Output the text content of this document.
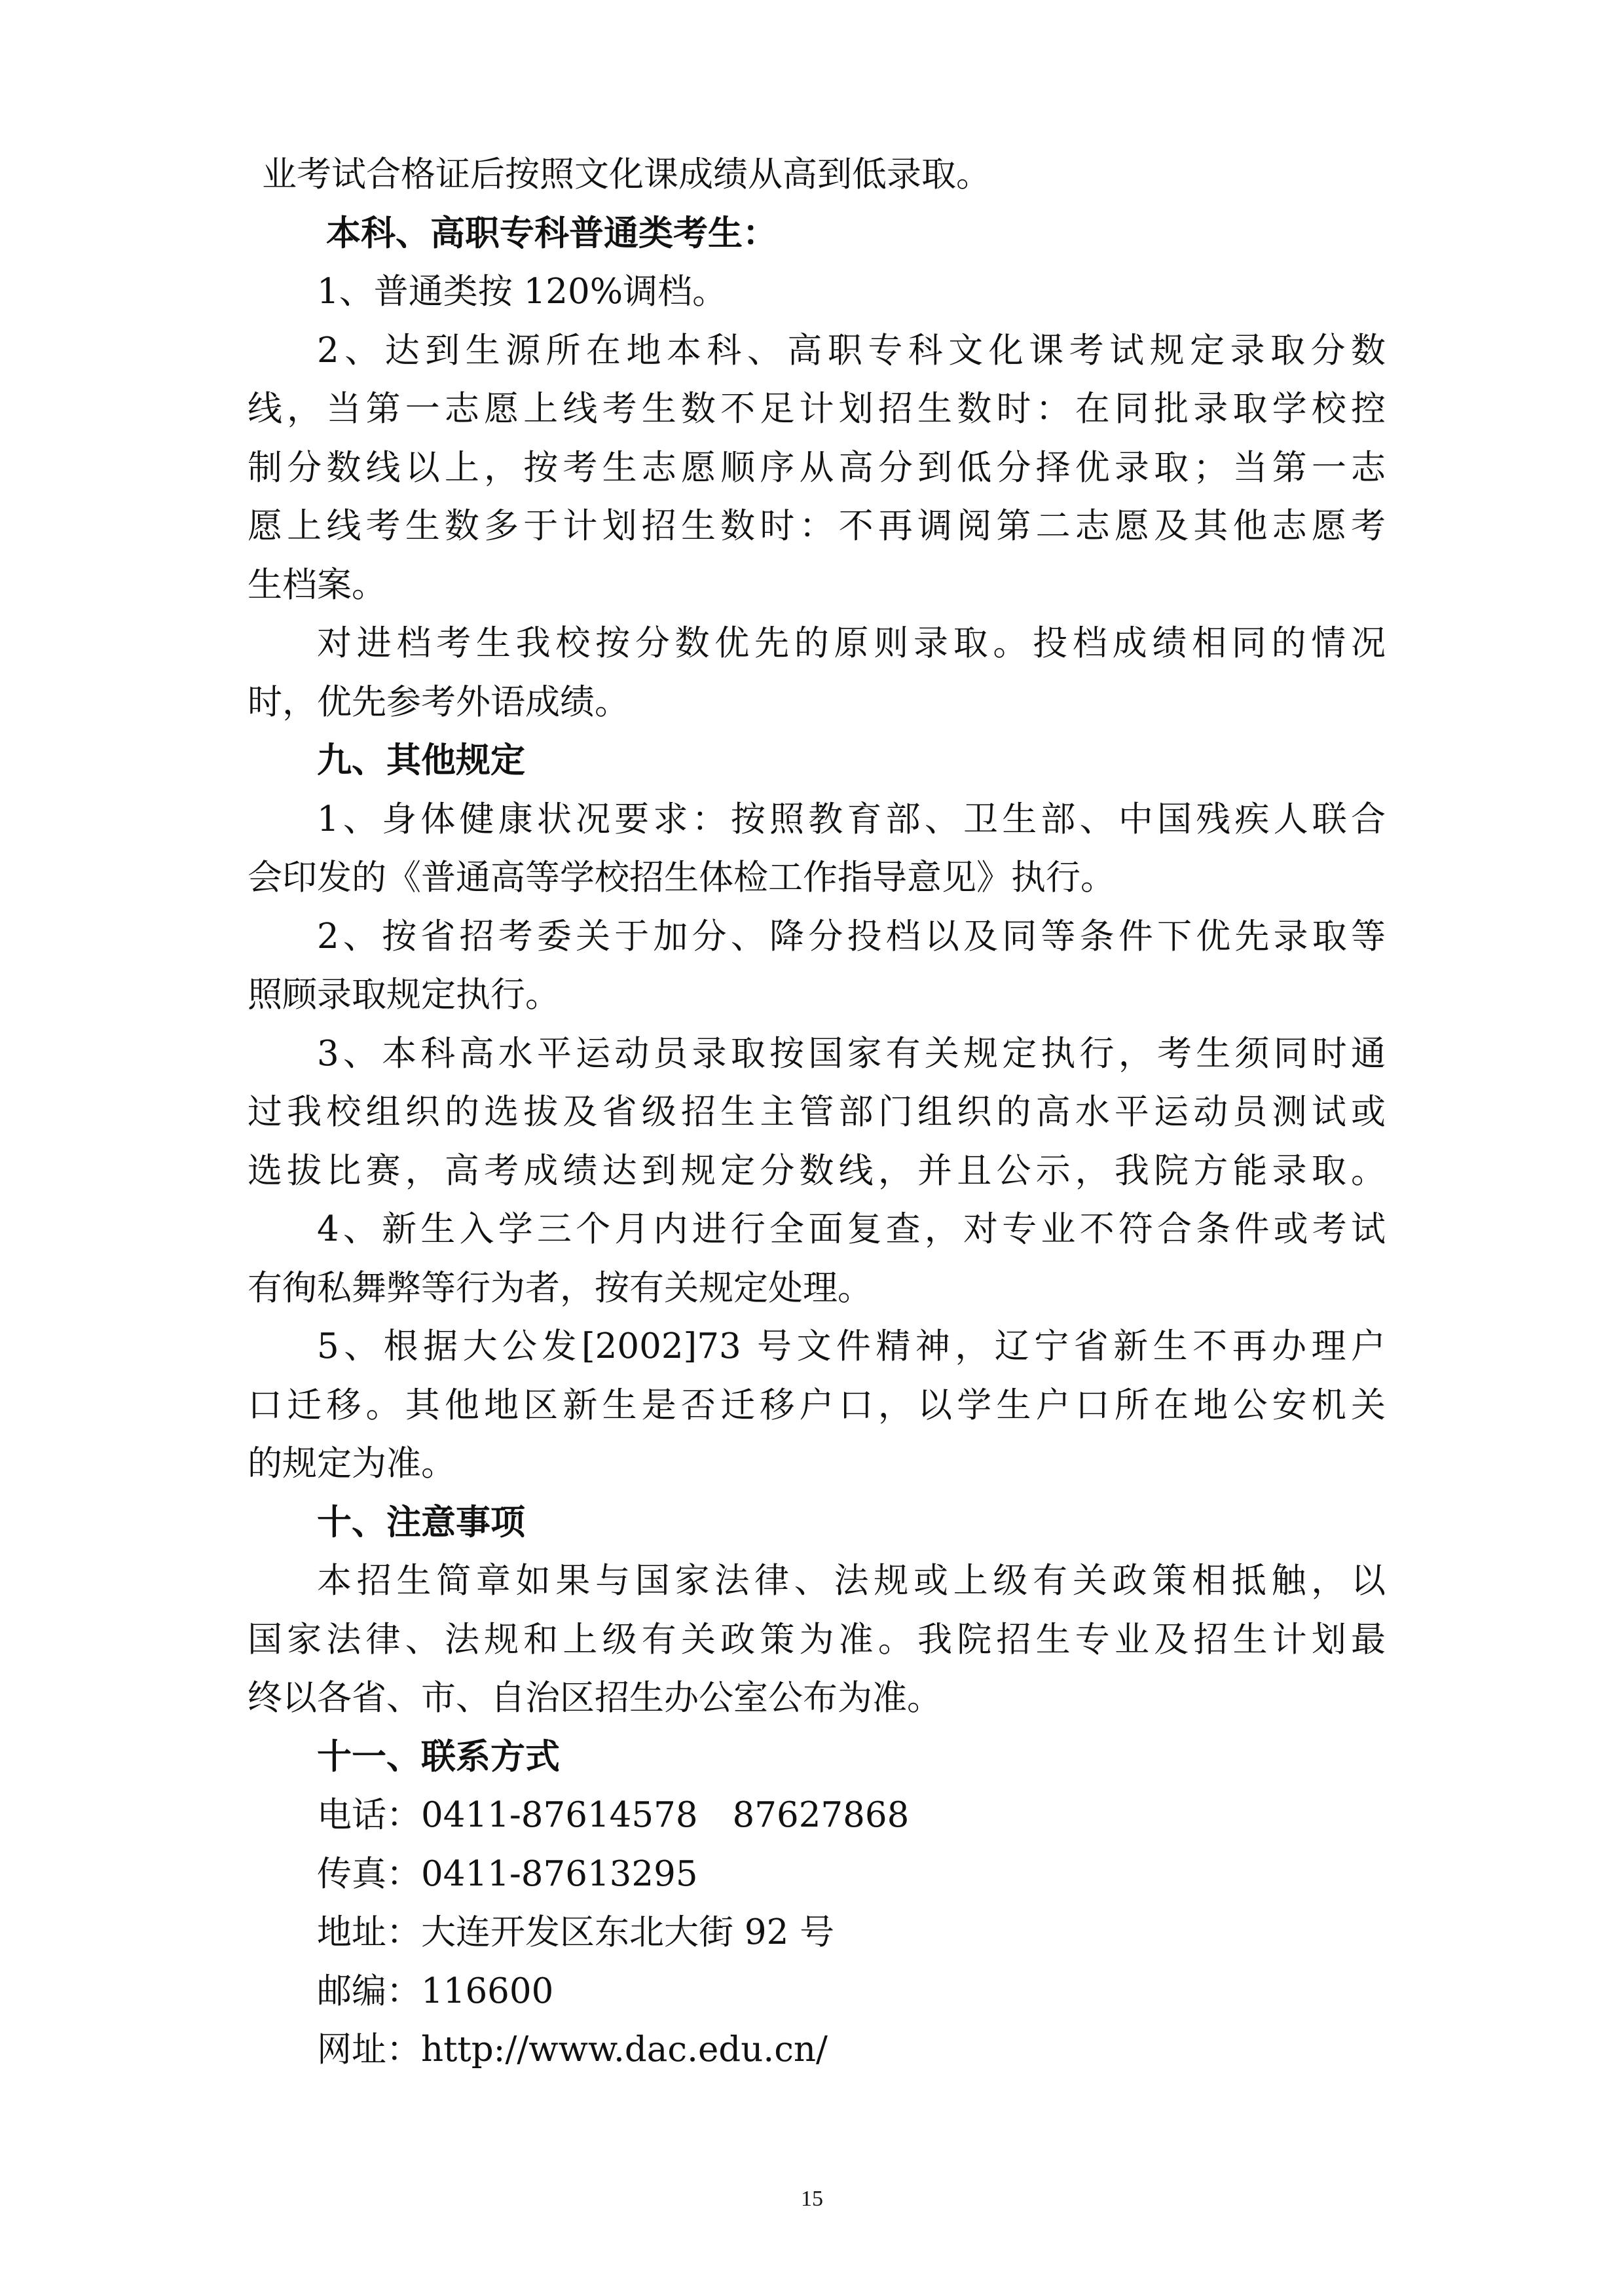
业考试合格证后按照文化课成绩从高到低录取。

本科、高职专科普通类考生：

1、普通类按 120%调档。

2、达到生源所在地本科、高职专科文化课考试规定录取分数

线，当第一志愿上线考生数不足计划招生数时：在同批录取学校控

制分数线以上，按考生志愿顺序从高分到低分择优录取；当第一志

愿上线考生数多于计划招生数时：不再调阅第二志愿及其他志愿考

生档案。

对进档考生我校按分数优先的原则录取。投档成绩相同的情况

时，优先参考外语成绩。

九、其他规定

1、身体健康状况要求：按照教育部、卫生部、中国残疾人联合

会印发的《普通高等学校招生体检工作指导意见》执行。

2、按省招考委关于加分、降分投档以及同等条件下优先录取等

照顾录取规定执行。

3、本科高水平运动员录取按国家有关规定执行，考生须同时通

过我校组织的选拔及省级招生主管部门组织的高水平运动员测试或

选拔比赛，高考成绩达到规定分数线，并且公示，我院方能录取。

4、新生入学三个月内进行全面复查，对专业不符合条件或考试

有徇私舞弊等行为者，按有关规定处理。

5、根据大公发[2002]73 号文件精神，辽宁省新生不再办理户

口迁移。其他地区新生是否迁移户口，以学生户口所在地公安机关

的规定为准。

十、注意事项

本招生简章如果与国家法律、法规或上级有关政策相抵触，以

国家法律、法规和上级有关政策为准。我院招生专业及招生计划最

终以各省、市、自治区招生办公室公布为准。

十一、联系方式

电话：0411-87614578　87627868

传真：0411-87613295

地址：大连开发区东北大街 92 号

邮编：116600

网址：http://www.dac.edu.cn/

15
